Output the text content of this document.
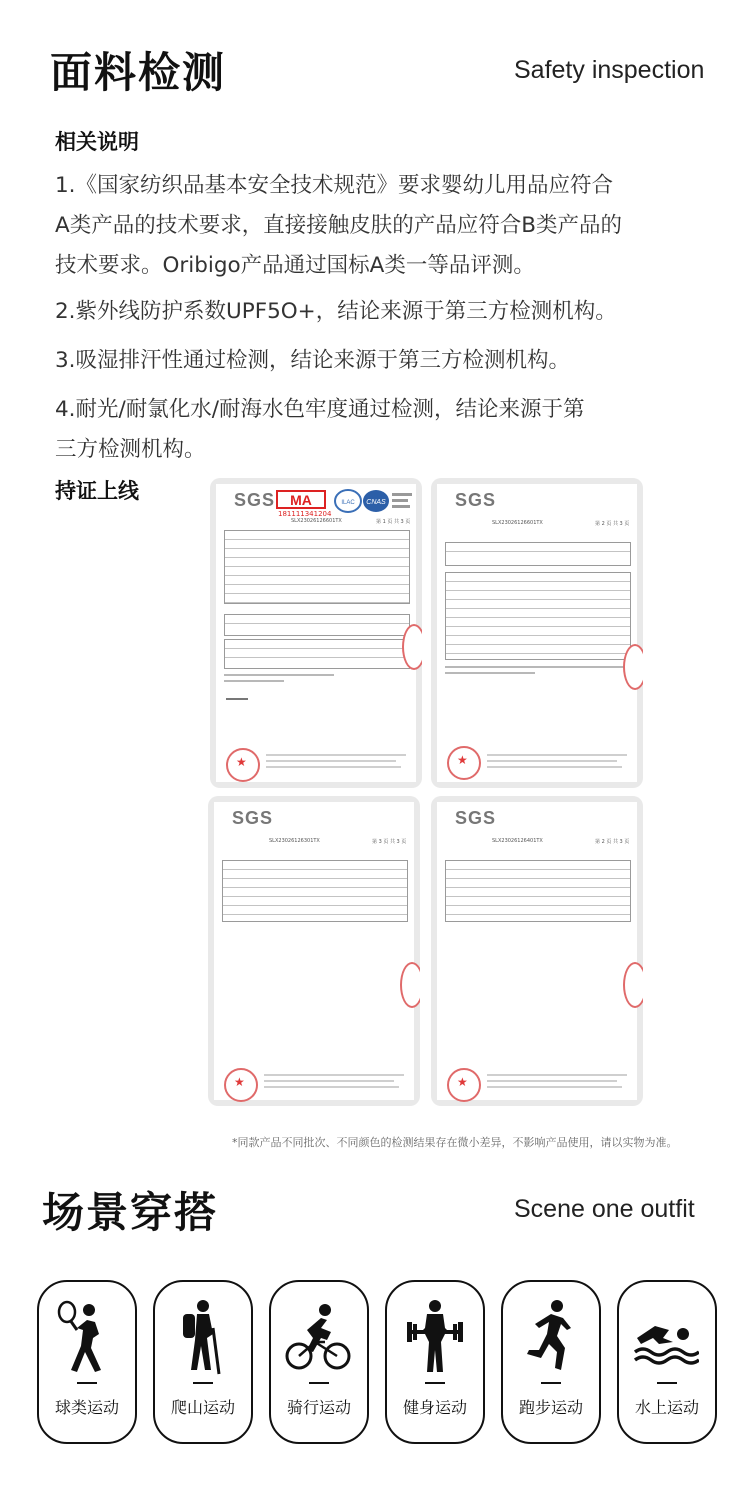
面料检测	Safety inspection
相关说明

1.《国家纺织品基本安全技术规范》要求婴幼儿用品应符合

A类产品的技术要求，直接接触皮肤的产品应符合B类产品的

技术要求。Oribigo产品通过国标A类一等品评测。

2.紫外线防护系数UPF5O+，结论来源于第三方检测机构。

3.吸湿排汗性通过检测，结论来源于第三方检测机构。

4.耐光/耐氯化水/耐海水色牢度通过检测，结论来源于第

三方检测机构。

持证上线	SGS MA
181111341204
ILAC CNAS
SLX23026126601TX	第 1 页 共 3 页
★
SGS
SLX23026126601TX	第 2 页 共 3 页
★
SGS
SLX23026126301TX	第 3 页 共 3 页
★
SGS
SLX23026126401TX	第 2 页 共 3 页
★
*同款产品不同批次、不同颜色的检测结果存在微小差异，不影响产品使用，请以实物为准。
场景穿搭	Scene one outfit
球类运动	爬山运动	骑行运动	健身运动	跑步运动	水上运动
